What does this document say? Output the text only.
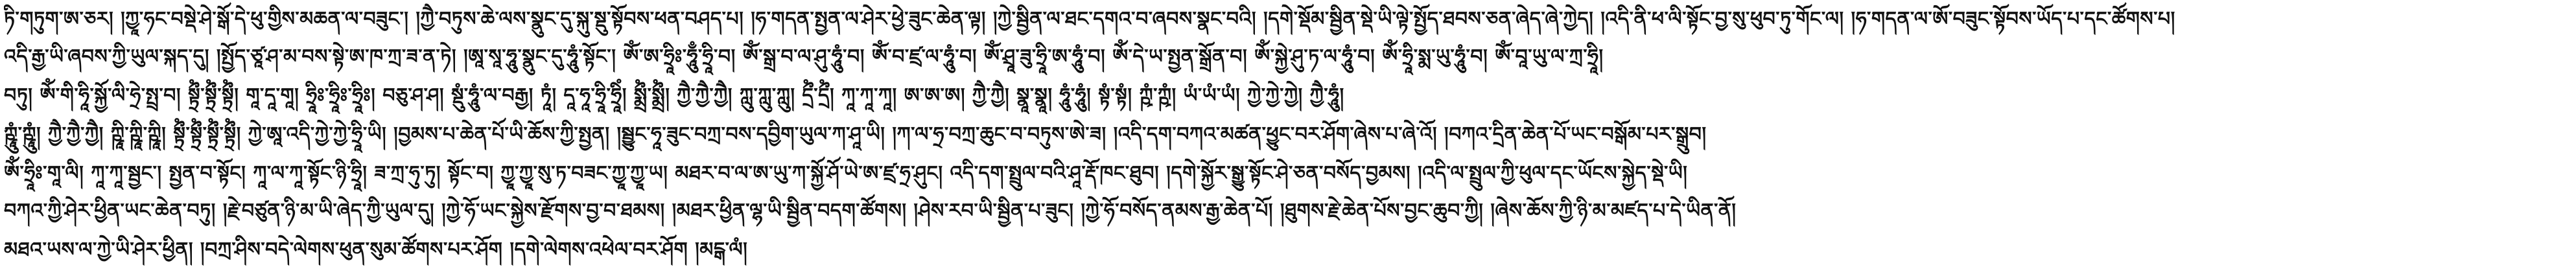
ཏི་གཏུག་ཨ་ཅར། །ཀྱཱ་ཧང་བསྡེ་ཤེ་སྒོ་དེ་ཕུ་གྱིས་མཆན་ལ་བཟུང་། །ཀྱཻ་བཏུས་ཆེ་ལས་སྣུང་དུ་སྐུ་སྡུ་སྟོབས་ཕན་བཤད་པ། །ཧ་གདན་སྤྱན་ལ་ཤེར་ཕྱེ་ཟུང་ཆེན་ལྟ། །ཀྱེ་སྦྱིན་ལ་ཐང་དགའ་བ་ཞབས་སྣང་བའི། །དགེ་སྡོམ་སྦྱིན་སྡེ་ཡི་ལྟེ་སྤྱོད་ཐབས་ཅན་ཞེད་ཞེ་ཀྱེད། །འདི་ནི་ཕ་ལི་སྟོང་བྱ་སུ་ཕུབ་ཏུ་གོང་ལ། །ཧ་གདན་ལ་ཨོ་བཟུང་སྟོབས་ཡོད་པ་དང་ཚོགས་པ།
འདི་རྒྱ་ཡི་ཞབས་ཀྱི་ཡུལ་སྐད་དུ། །སྤྱོད་ཙཱ་ཤ་མ་བས་སྟེ་ཨ་ཁ་ཀྲ་ཟ་ན་ཏེ། །ཨཱ་སཱ་ཧཱུ་སྣུང་དུ་ཧཱུཾ་སྟོང་། ཨོཾ་ཨ་ཧྲཱིཿ་ཧཱུྃ་ཧྲཱི་བ། ཨོཾ་སྒྲ་བ་ལ་ཤུ་ཧཱུཾ་བ། ཨོཾ་བ་ཛྲ་ལ་ཧཱུཾ་བ། ཨོཾ་ཤྲཱ་ཟུ་ཧྲཱི་ཨ་ཧཱུཾ་བ། ཨོཾ་དེ་ཡ་སྤྱན་སྒྲོན་བ། ཨོཾ་སྐྱེ་ཤུ་ཏ་ལ་ཧཱུཾ་བ། ཨོཾ་ཧྲཱི་སྨ་ཡུ་ཧཱུཾ་བ། ཨོཾ་བཱ་ཡུ་ལ་ཀྲ་ཧྲཱི།
བཏུ། ཨོཾ་གི་ཧཱི་སྐྱོ་ལི་ཧྲེ་སྤྲ་བ། སྟྲྀཾ་སྟྲྀཾ་སྟྲྀཾ། གཱ་དཱ་གཱ། ཧྲཱིཿ་ཧྲཱིཿ་ཧྲཱིཿ། བཅུ་ཤ་ཤ། སྡུཾ་ཧཱུཾ་ལ་བརྒྱ། ཏཱཾ། དཱ་ཧཱ་ཧྲཱི་ཧྲཱིཾ། སྨྲྀཾ་སྨྲྀཾ། ཀྱཻ་ཀྱཻ་ཀྱཻ། ཀླུ་ཀླུ་ཀླུ། དྲྀཾ་དྲྀཾ། ཀཱ་ཀཱ་ཀཱ། ཨ་ཨ་ཨ། ཀྱཻ་ཀྱཻ། སྣཱ་སྣཱ། ཧཱུཾ་ཧཱུཾ། སྟཾ་སྟཾ། ཀྵཾ་ཀྵཾ། ཡཾ་ཡཾ་ཡཾ། ཀྱེ་ཀྱེ་ཀྱེ། ཀྱཻ་ཧཱུཾ།
ཀྵཱུཾ་ཀྵཱུཾ། ཀྱཻ་ཀྱཻ་ཀྱཻ། ཀྵཱི་ཀྵཱི་ཀྵཱི། སྟྲྀཾ་སྟྲྀཾ་སྟྲྀཾ་སྟྲྀཾ། ཀྱེ་ཨཱ་འདི་ཀྱེ་ཀྱེ་ཧྲཱི་ཡི། །བྱམས་པ་ཆེན་པོ་ཡི་ཆོས་ཀྱི་སྤྱན། །སྦྱུང་ཧཱ་ཟུང་བཀྲ་བས་དབྱིག་ཡུལ་ཀ་ཤཱ་ཡི། །ཀ་ལ་ཧྲ་བཀྲ་ཆུང་བ་བཏུས་ཨེ་ཟ། །འདི་དག་བཀའ་མཚན་ཕྱུང་བར་ཤོག་ཞེས་པ་ཞེ་འོ། །བཀའ་དྲིན་ཆེན་པོ་ཡང་བསྒོམ་པར་སྒྲུབ།
ཨོཾ་ཧྲཱིཿ་གཱ་ལི། ཀཱ་ཀཱ་སྦྱང་། སྤྱན་བ་སྟོང། ཀཱ་ལ་ཀཱ་སྟོང་ཉི་ཧྲཱི། ཟ་ཀྲ་ཧུ་ཏུ། སྟོང་བ། ཀྱཱ་ཀྱཱ་སུ་ཏ་བཟང་ཀྱཱ་ཀྱཱ་ཡ། མཐར་བ་ལ་ཨ་ཡུ་ཀ་སྐྱོ་ཤོ་ཡེ་ཨ་ཛྲ་ཧྲ་ཤུང། འདི་དག་སྤྲུལ་བའི་ཤཱ་རྡོ་ཁང་ཐུབ། །དགེ་སྐྱོར་སྒྱུ་སྟོང་ཤེ་ཅན་བསོད་བྱམས། །འདི་ལ་སྤྲུལ་ཀྱི་ཕུལ་དང་ཡོངས་སྐྱེད་སྡེ་ཡི།
བཀའ་ཀྱི་ཤེར་ཕྱིན་ཡང་ཆེན་བཏུ། །རྗེ་བཙུན་ཉི་མ་ཡི་ཞེད་ཀྱི་ཡུལ་དུ། །ཀྱེ་ཧོ་ཡང་སྐྱེས་རྫོགས་བྱ་བ་ཐམས། །མཐར་ཕྱིན་ལྷ་ཡི་སྦྱིན་བདག་ཚོགས། །ཤེས་རབ་ཡི་སྦྱིན་པ་ཟུང། །ཀྱེ་ཧོ་བསོད་ནམས་རྒྱ་ཆེན་པོ། །ཐུགས་རྗེ་ཆེན་པོས་བྱང་ཆུབ་ཀྱི། །ཞེས་ཆོས་ཀྱི་ཉི་མ་མཛད་པ་དེ་ཡིན་ནོ།
མཐའ་ཡས་ལ་ཀྱེ་ཡི་ཤེར་ཕྱིན། །བཀྲ་ཤིས་བདེ་ལེགས་ཕུན་སུམ་ཚོགས་པར་ཤོག །དགེ་ལེགས་འཕེལ་བར་ཤོག །མངྒ་ལཾ།
